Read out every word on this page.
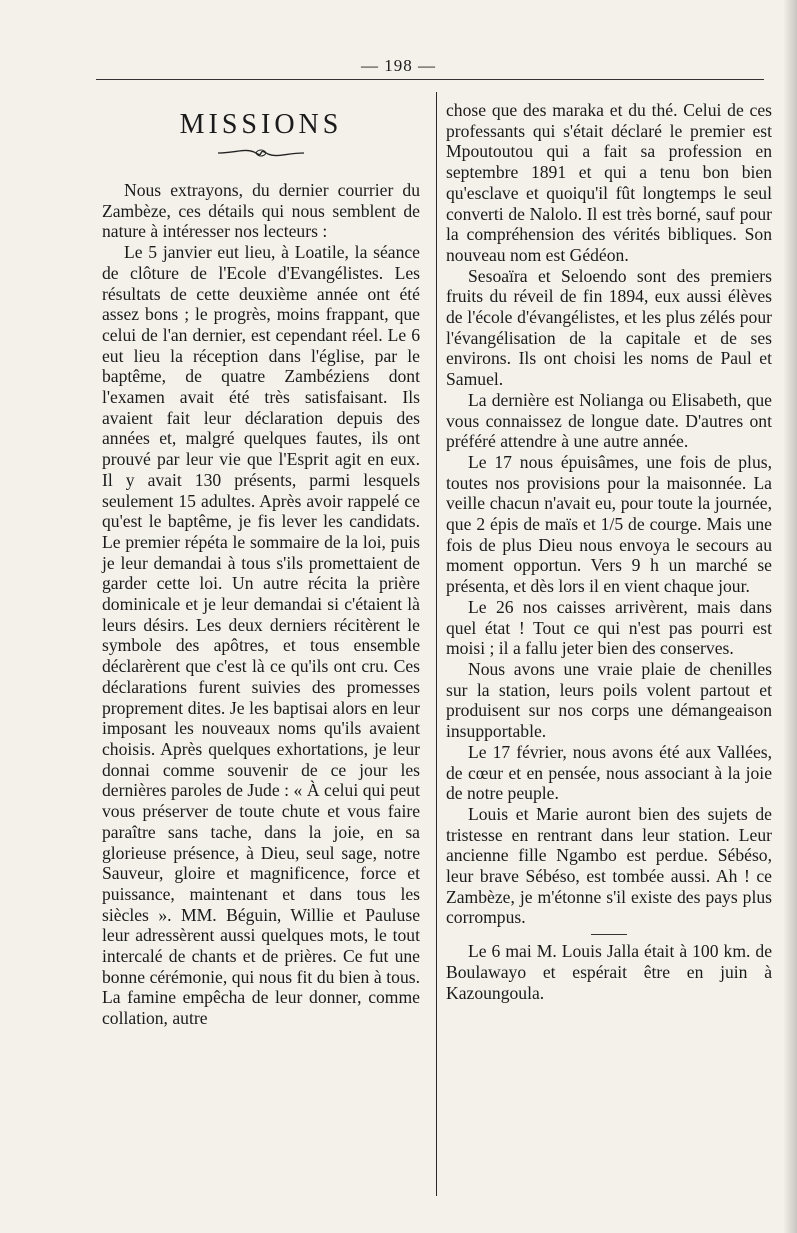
— 198 —
MISSIONS

Nous extrayons, du dernier courrier du Zambèze, ces détails qui nous semblent de nature à intéresser nos lecteurs :

Le 5 janvier eut lieu, à Loatile, la séance de clôture de l'Ecole d'Evangélistes. Les résultats de cette deuxième année ont été assez bons ; le progrès, moins frappant, que celui de l'an dernier, est cependant réel. Le 6 eut lieu la réception dans l'église, par le baptême, de quatre Zambéziens dont l'examen avait été très satisfaisant. Ils avaient fait leur déclaration depuis des années et, malgré quelques fautes, ils ont prouvé par leur vie que l'Esprit agit en eux. Il y avait 130 présents, parmi lesquels seulement 15 adultes. Après avoir rappelé ce qu'est le baptême, je fis lever les candidats. Le premier répéta le sommaire de la loi, puis je leur demandai à tous s'ils promettaient de garder cette loi. Un autre récita la prière dominicale et je leur demandai si c'étaient là leurs désirs. Les deux derniers récitèrent le symbole des apôtres, et tous ensemble déclarèrent que c'est là ce qu'ils ont cru. Ces déclarations furent suivies des promesses proprement dites. Je les baptisai alors en leur imposant les nouveaux noms qu'ils avaient choisis. Après quelques exhortations, je leur donnai comme souvenir de ce jour les dernières paroles de Jude : « À celui qui peut vous préserver de toute chute et vous faire paraître sans tache, dans la joie, en sa glorieuse présence, à Dieu, seul sage, notre Sauveur, gloire et magnificence, force et puissance, maintenant et dans tous les siècles ». MM. Béguin, Willie et Pauluse leur adressèrent aussi quelques mots, le tout intercalé de chants et de prières. Ce fut une bonne cérémonie, qui nous fit du bien à tous. La famine empêcha de leur donner, comme collation, autre

chose que des maraka et du thé. Celui de ces professants qui s'était déclaré le premier est Mpoutoutou qui a fait sa profession en septembre 1891 et qui a tenu bon bien qu'esclave et quoiqu'il fût longtemps le seul converti de Nalolo. Il est très borné, sauf pour la compréhension des vérités bibliques. Son nouveau nom est Gédéon.

Sesoaïra et Seloendo sont des premiers fruits du réveil de fin 1894, eux aussi élèves de l'école d'évangélistes, et les plus zélés pour l'évangélisation de la capitale et de ses environs. Ils ont choisi les noms de Paul et Samuel.

La dernière est Nolianga ou Elisabeth, que vous connaissez de longue date. D'autres ont préféré attendre à une autre année.

Le 17 nous épuisâmes, une fois de plus, toutes nos provisions pour la maisonnée. La veille chacun n'avait eu, pour toute la journée, que 2 épis de maïs et 1/5 de courge. Mais une fois de plus Dieu nous envoya le secours au moment opportun. Vers 9 h un marché se présenta, et dès lors il en vient chaque jour.

Le 26 nos caisses arrivèrent, mais dans quel état ! Tout ce qui n'est pas pourri est moisi ; il a fallu jeter bien des conserves.

Nous avons une vraie plaie de chenilles sur la station, leurs poils volent partout et produisent sur nos corps une démangeaison insupportable.

Le 17 février, nous avons été aux Vallées, de cœur et en pensée, nous associant à la joie de notre peuple.

Louis et Marie auront bien des sujets de tristesse en rentrant dans leur station. Leur ancienne fille Ngambo est perdue. Sébéso, leur brave Sébéso, est tombée aussi. Ah ! ce Zambèze, je m'étonne s'il existe des pays plus corrompus.

Le 6 mai M. Louis Jalla était à 100 km. de Boulawayo et espérait être en juin à Kazoungoula.
